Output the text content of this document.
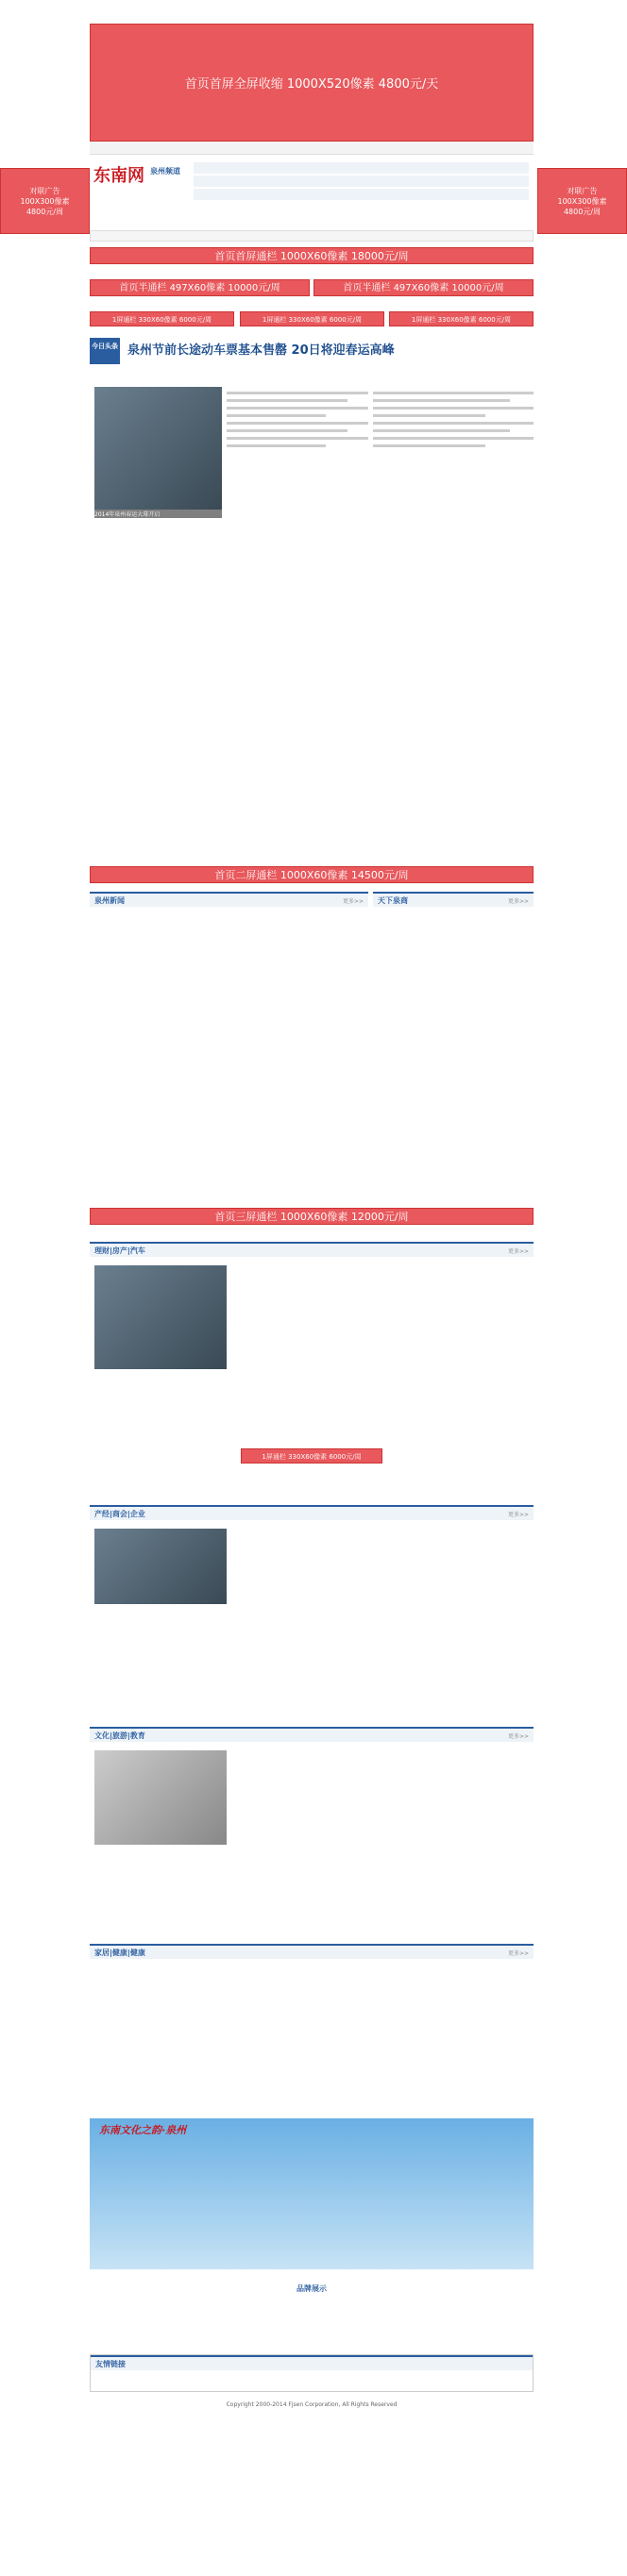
首页首屏全屏收缩 1000X520像素 4800元/天
对联广告
100X300像素
4800元/周
对联广告
100X300像素
4800元/周
东南网 泉州频道
首页首屏通栏 1000X60像素 18000元/周
首页半通栏 497X60像素 10000元/周	首页半通栏 497X60像素 10000元/周
1屏通栏 330X60像素 6000元/周	1屏通栏 330X60像素 6000元/周	1屏通栏 330X60像素 6000元/周
今日头条 泉州节前长途动车票基本售罄 20日将迎春运高峰
2014年泉州春运大幕开启
首页二屏通栏 1000X60像素 14500元/周
泉州新闻	更多>> 天下泉商	更多>>
首页三屏通栏 1000X60像素 12000元/周
理财|房产|汽车	更多>>
1屏通栏 330X60像素 6000元/周
产经|商会|企业	更多>>
文化|旅游|教育	更多>>
家居|健康|健康	更多>>
东南文化之韵·泉州
品牌展示
友情链接
Copyright 2000-2014 Fjsen Corporation, All Rights Reserved
